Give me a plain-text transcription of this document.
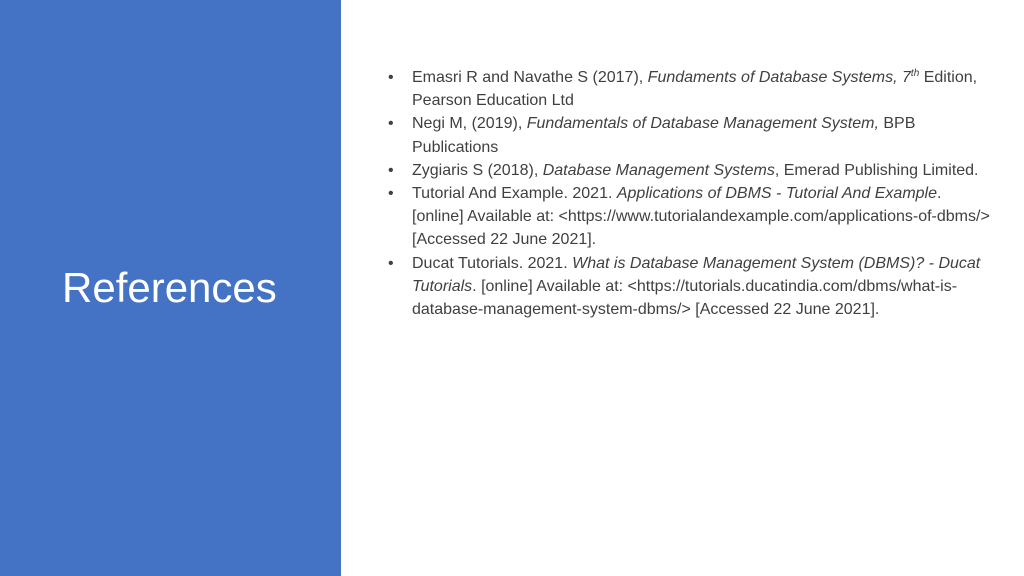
References
• Emasri R and Navathe S (2017), Fundaments of Database Systems, 7th Edition, Pearson Education Ltd
• Negi M, (2019), Fundamentals of Database Management System, BPB Publications
• Zygiaris S (2018), Database Management Systems, Emerad Publishing Limited.
• Tutorial And Example. 2021. Applications of DBMS - Tutorial And Example. [online] Available at: <https://www.tutorialandexample.com/applications-of-dbms/> [Accessed 22 June 2021].
• Ducat Tutorials. 2021. What is Database Management System (DBMS)? - Ducat Tutorials. [online] Available at: <https://tutorials.ducatindia.com/dbms/what-is-database-management-system-dbms/> [Accessed 22 June 2021].
